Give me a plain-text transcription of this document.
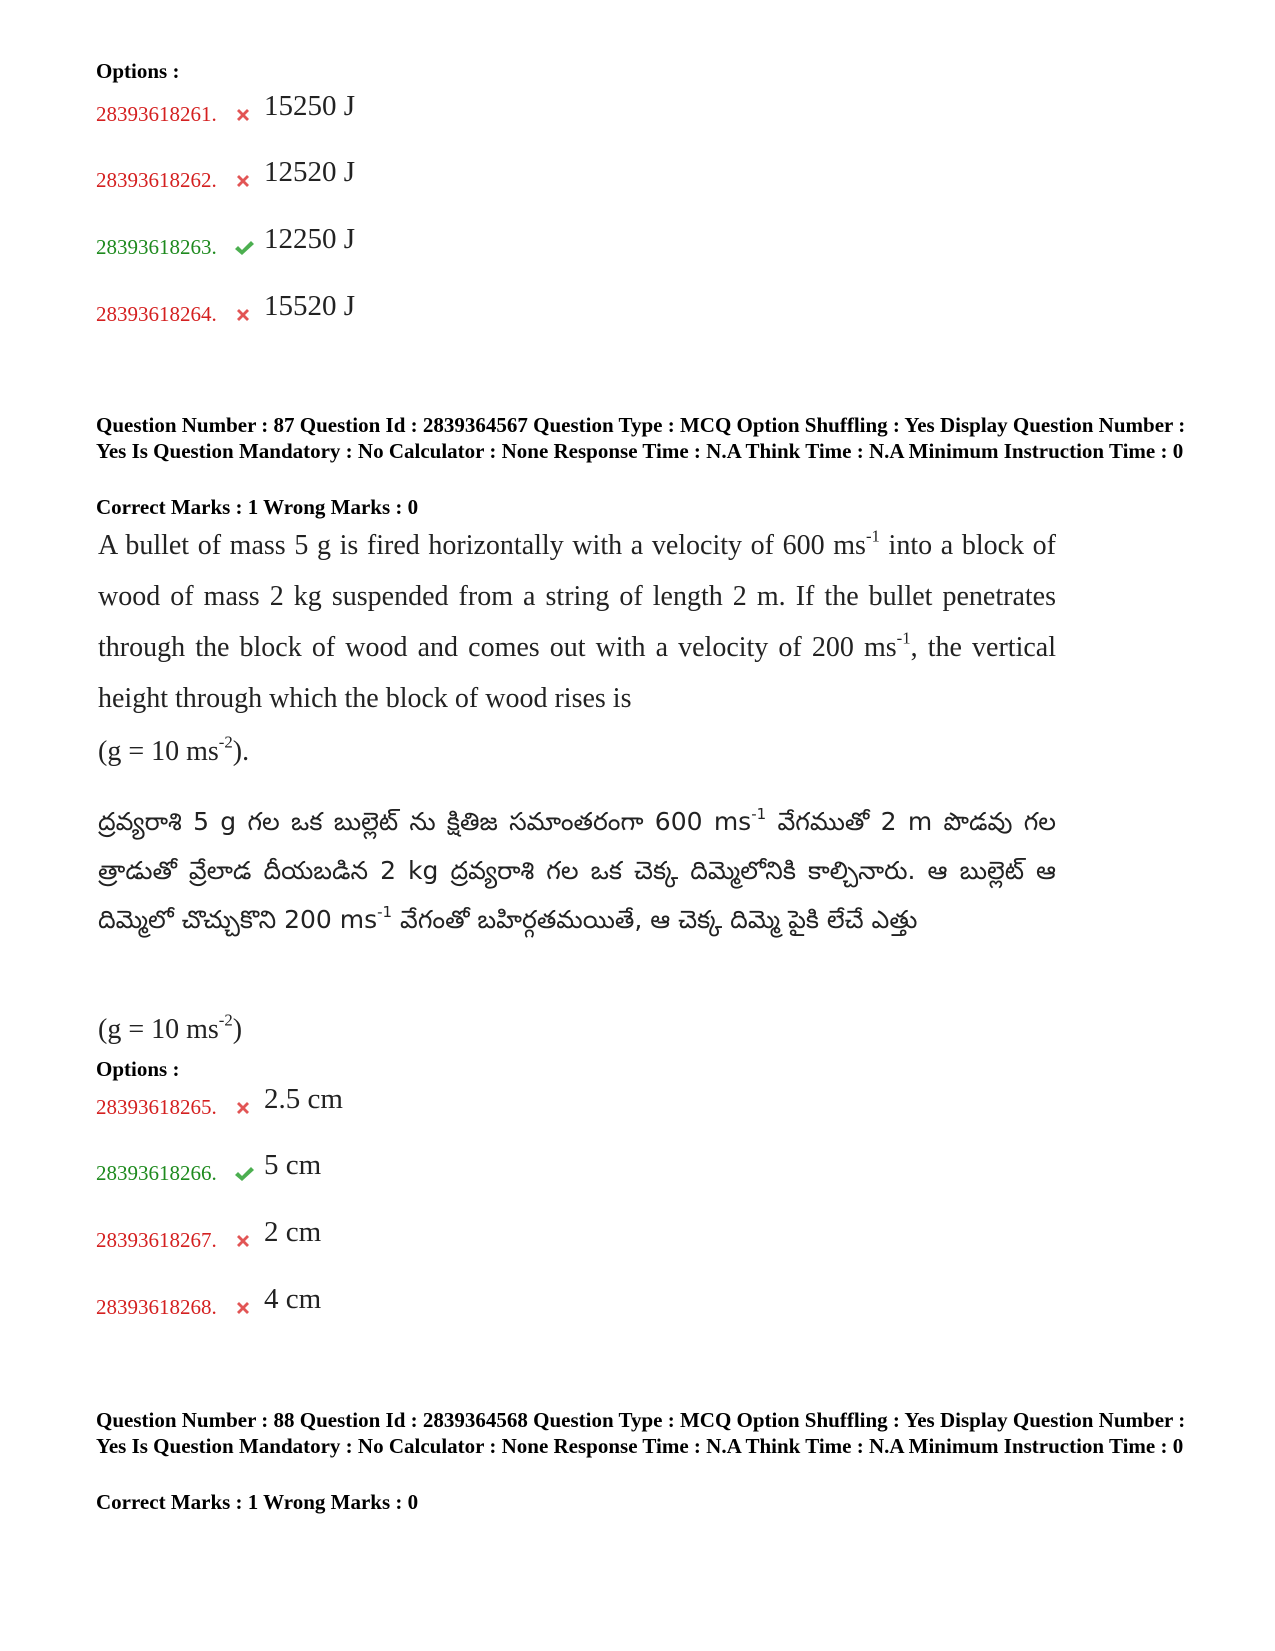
Options :
28393618261. 15250 J
28393618262. 12520 J
28393618263. 12250 J
28393618264. 15520 J
Question Number : 87 Question Id : 2839364567 Question Type : MCQ Option Shuffling : Yes Display Question Number : Yes Is Question Mandatory : No Calculator : None Response Time : N.A Think Time : N.A Minimum Instruction Time : 0
Correct Marks : 1 Wrong Marks : 0
A bullet of mass 5 g is fired horizontally with a velocity of 600 $ms^{-1}$ into a block of wood of mass 2 kg suspended from a string of length 2 m. If the bullet penetrates through the block of wood and comes out with a velocity of 200 $ms^{-1}$, the vertical height through which the block of wood rises is
(g = 10 $ms^{-2}$).
ద్రవ్యరాశి 5 g గల ఒక బుల్లెట్ ను క్షితిజ సమాంతరంగా 600 $ms^{-1}$ వేగముతో 2 m పొడవు గల త్రాడుతో వ్రేలాడ దీయబడిన 2 kg ద్రవ్యరాశి గల ఒక చెక్క దిమ్మెలోనికి కాల్చినారు. ఆ బుల్లెట్ ఆ దిమ్మెలో చొచ్చుకొని 200 $ms^{-1}$ వేగంతో బహిర్గతమయితే, ఆ చెక్క దిమ్మె పైకి లేచే ఎత్తు
(g = 10 $ms^{-2}$)
Options :
28393618265. 2.5 cm
28393618266. 5 cm
28393618267. 2 cm
28393618268. 4 cm
Question Number : 88 Question Id : 2839364568 Question Type : MCQ Option Shuffling : Yes Display Question Number : Yes Is Question Mandatory : No Calculator : None Response Time : N.A Think Time : N.A Minimum Instruction Time : 0
Correct Marks : 1 Wrong Marks : 0
